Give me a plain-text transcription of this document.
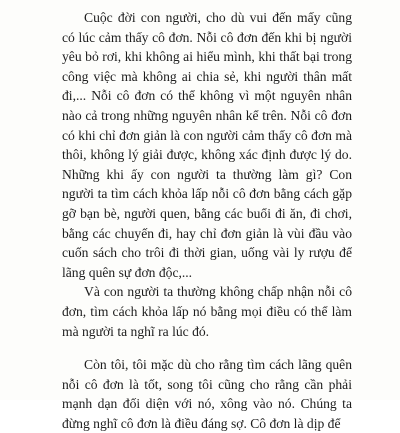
Cuộc đời con người, cho dù vui đến mấy cũng có lúc cảm thấy cô đơn. Nỗi cô đơn đến khi bị người yêu bỏ rơi, khi không ai hiểu mình, khi thất bại trong công việc mà không ai chia sẻ, khi người thân mất đi,... Nỗi cô đơn có thể không vì một nguyên nhân nào cả trong những nguyên nhân kể trên. Nỗi cô đơn có khi chỉ đơn giản là con người cảm thấy cô đơn mà thôi, không lý giải được, không xác định được lý do. Những khi ấy con người ta thường làm gì? Con người ta tìm cách khỏa lấp nỗi cô đơn bằng cách gặp gỡ bạn bè, người quen, bằng các buổi đi ăn, đi chơi, bằng các chuyến đi, hay chỉ đơn giản là vùi đầu vào cuốn sách cho trôi đi thời gian, uống vài ly rượu để lãng quên sự đơn độc,...

Và con người ta thường không chấp nhận nỗi cô đơn, tìm cách khỏa lấp nó bằng mọi điều có thể làm mà người ta nghĩ ra lúc đó.

Còn tôi, tôi mặc dù cho rằng tìm cách lãng quên nỗi cô đơn là tốt, song tôi cũng cho rằng cần phải mạnh dạn đối diện với nó, xông vào nó. Chúng ta đừng nghĩ cô đơn là điều đáng sợ. Cô đơn là dịp để
